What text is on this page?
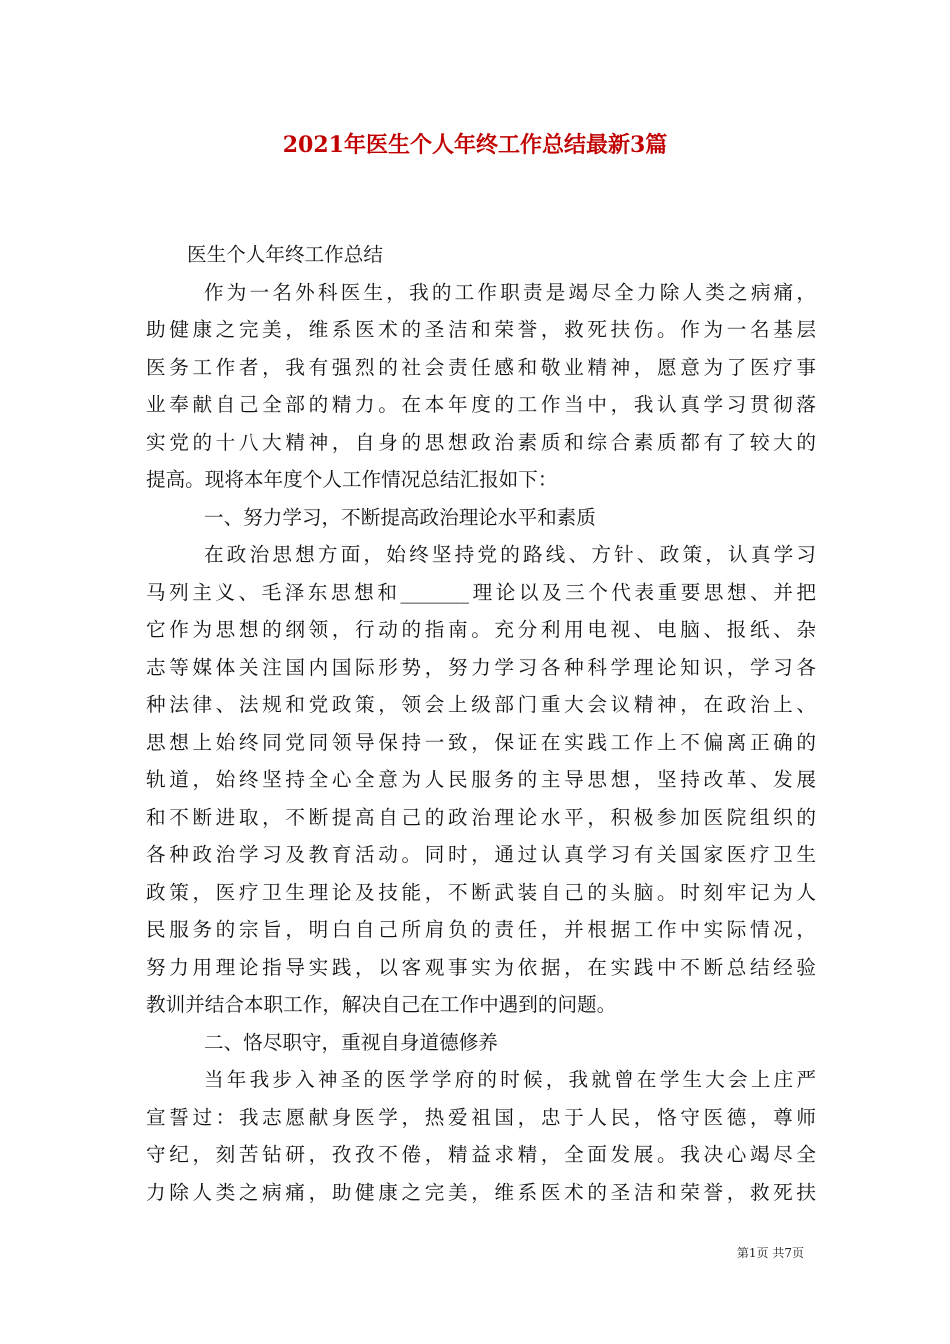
2021年医生个人年终工作总结最新3篇
医生个人年终工作总结
作为一名外科医生，我的工作职责是竭尽全力除人类之病痛，
助健康之完美，维系医术的圣洁和荣誉，救死扶伤。作为一名基层
医务工作者，我有强烈的社会责任感和敬业精神，愿意为了医疗事
业奉献自己全部的精力。在本年度的工作当中，我认真学习贯彻落
实党的十八大精神，自身的思想政治素质和综合素质都有了较大的
提高。现将本年度个人工作情况总结汇报如下：
一、努力学习，不断提高政治理论水平和素质
在政治思想方面，始终坚持党的路线、方针、政策，认真学习
马列主义、毛泽东思想和_______理论以及三个代表重要思想、并把
它作为思想的纲领，行动的指南。充分利用电视、电脑、报纸、杂
志等媒体关注国内国际形势，努力学习各种科学理论知识，学习各
种法律、法规和党政策，领会上级部门重大会议精神，在政治上、
思想上始终同党同领导保持一致，保证在实践工作上不偏离正确的
轨道，始终坚持全心全意为人民服务的主导思想，坚持改革、发展
和不断进取，不断提高自己的政治理论水平，积极参加医院组织的
各种政治学习及教育活动。同时，通过认真学习有关国家医疗卫生
政策，医疗卫生理论及技能，不断武装自己的头脑。时刻牢记为人
民服务的宗旨，明白自己所肩负的责任，并根据工作中实际情况，
努力用理论指导实践，以客观事实为依据，在实践中不断总结经验
教训并结合本职工作，解决自己在工作中遇到的问题。
二、恪尽职守，重视自身道德修养
当年我步入神圣的医学学府的时候，我就曾在学生大会上庄严
宣誓过：我志愿献身医学，热爱祖国，忠于人民，恪守医德，尊师
守纪，刻苦钻研，孜孜不倦，精益求精，全面发展。我决心竭尽全
力除人类之病痛，助健康之完美，维系医术的圣洁和荣誉，救死扶
第1页 共7页
